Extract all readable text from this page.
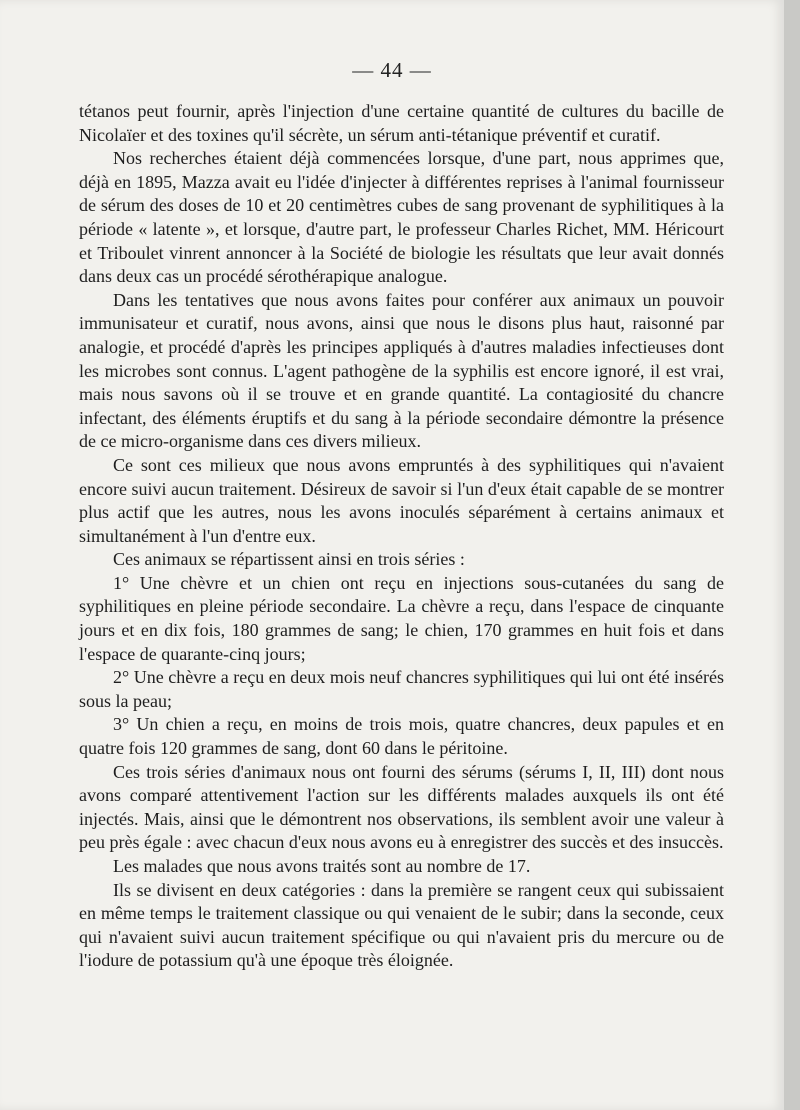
— 44 —

tétanos peut fournir, après l'injection d'une certaine quantité de cultures du bacille de Nicolaïer et des toxines qu'il sécrète, un sérum anti-tétanique préventif et curatif.

Nos recherches étaient déjà commencées lorsque, d'une part, nous apprimes que, déjà en 1895, Mazza avait eu l'idée d'injecter à différentes reprises à l'animal fournisseur de sérum des doses de 10 et 20 centimètres cubes de sang provenant de syphilitiques à la période « latente », et lorsque, d'autre part, le professeur Charles Richet, MM. Héricourt et Triboulet vinrent annoncer à la Société de biologie les résultats que leur avait donnés dans deux cas un procédé sérothérapique analogue.

Dans les tentatives que nous avons faites pour conférer aux animaux un pouvoir immunisateur et curatif, nous avons, ainsi que nous le disons plus haut, raisonné par analogie, et procédé d'après les principes appliqués à d'autres maladies infectieuses dont les microbes sont connus. L'agent pathogène de la syphilis est encore ignoré, il est vrai, mais nous savons où il se trouve et en grande quantité. La contagiosité du chancre infectant, des éléments éruptifs et du sang à la période secondaire démontre la présence de ce micro-organisme dans ces divers milieux.

Ce sont ces milieux que nous avons empruntés à des syphilitiques qui n'avaient encore suivi aucun traitement. Désireux de savoir si l'un d'eux était capable de se montrer plus actif que les autres, nous les avons inoculés séparément à certains animaux et simultanément à l'un d'entre eux.

Ces animaux se répartissent ainsi en trois séries :

1° Une chèvre et un chien ont reçu en injections sous-cutanées du sang de syphilitiques en pleine période secondaire. La chèvre a reçu, dans l'espace de cinquante jours et en dix fois, 180 grammes de sang; le chien, 170 grammes en huit fois et dans l'espace de quarante-cinq jours;

2° Une chèvre a reçu en deux mois neuf chancres syphilitiques qui lui ont été insérés sous la peau;

3° Un chien a reçu, en moins de trois mois, quatre chancres, deux papules et en quatre fois 120 grammes de sang, dont 60 dans le péritoine.

Ces trois séries d'animaux nous ont fourni des sérums (sérums I, II, III) dont nous avons comparé attentivement l'action sur les différents malades auxquels ils ont été injectés. Mais, ainsi que le démontrent nos observations, ils semblent avoir une valeur à peu près égale : avec chacun d'eux nous avons eu à enregistrer des succès et des insuccès.

Les malades que nous avons traités sont au nombre de 17.

Ils se divisent en deux catégories : dans la première se rangent ceux qui subissaient en même temps le traitement classique ou qui venaient de le subir; dans la seconde, ceux qui n'avaient suivi aucun traitement spécifique ou qui n'avaient pris du mercure ou de l'iodure de potassium qu'à une époque très éloignée.
